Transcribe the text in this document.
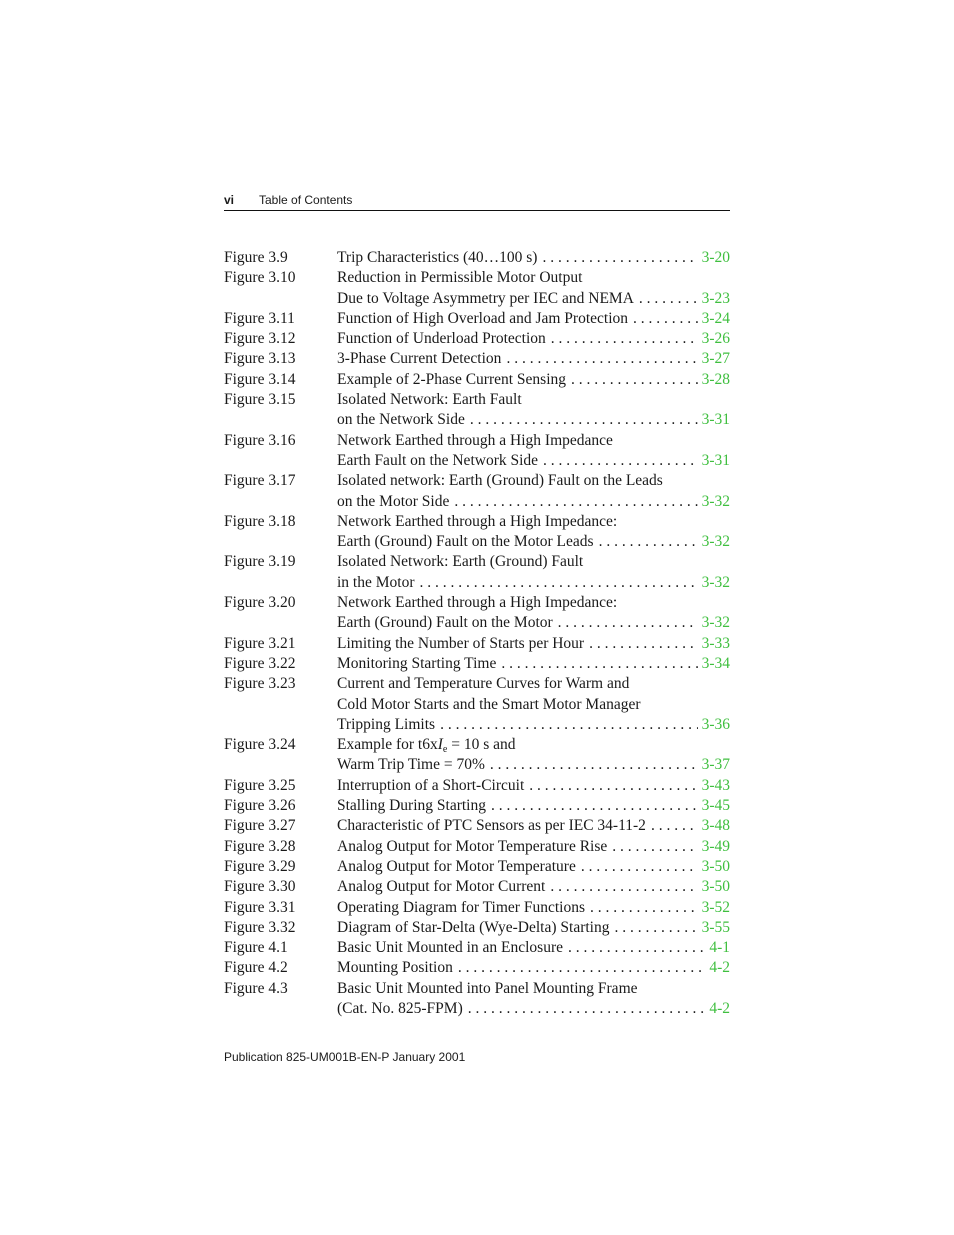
vi Table of Contents
Figure 3.9	Trip Characteristics (40…100 s) . . .	3-20
Figure 3.10	Reduction in Permissible Motor Output
Due to Voltage Asymmetry per IEC and NEMA . . .	3-23
Figure 3.11	Function of High Overload and Jam Protection . . .	3-24
Figure 3.12	Function of Underload Protection . . .	3-26
Figure 3.13	3-Phase Current Detection . . .	3-27
Figure 3.14	Example of 2-Phase Current Sensing . . .	3-28
Figure 3.15	Isolated Network: Earth Fault
on the Network Side . . .	3-31
Figure 3.16	Network Earthed through a High Impedance
Earth Fault on the Network Side . . .	3-31
Figure 3.17	Isolated network: Earth (Ground) Fault on the Leads
on the Motor Side . . .	3-32
Figure 3.18	Network Earthed through a High Impedance:
Earth (Ground) Fault on the Motor Leads . . .	3-32
Figure 3.19	Isolated Network: Earth (Ground) Fault
in the Motor . . .	3-32
Figure 3.20	Network Earthed through a High Impedance:
Earth (Ground) Fault on the Motor . . .	3-32
Figure 3.21	Limiting the Number of Starts per Hour . . .	3-33
Figure 3.22	Monitoring Starting Time . . .	3-34
Figure 3.23	Current and Temperature Curves for Warm and
Cold Motor Starts and the Smart Motor Manager
Tripping Limits . . .	3-36
Figure 3.24	Example for $t6xI_e = 10$ s and
Warm Trip Time = 70% . . .	3-37
Figure 3.25	Interruption of a Short-Circuit . . .	3-43
Figure 3.26	Stalling During Starting . . .	3-45
Figure 3.27	Characteristic of PTC Sensors as per IEC 34-11-2 . . .	3-48
Figure 3.28	Analog Output for Motor Temperature Rise . . .	3-49
Figure 3.29	Analog Output for Motor Temperature . . .	3-50
Figure 3.30	Analog Output for Motor Current . . .	3-50
Figure 3.31	Operating Diagram for Timer Functions . . .	3-52
Figure 3.32	Diagram of Star-Delta (Wye-Delta) Starting . . .	3-55
Figure 4.1	Basic Unit Mounted in an Enclosure . . .	4-1
Figure 4.2	Mounting Position . . .	4-2
Figure 4.3	Basic Unit Mounted into Panel Mounting Frame
(Cat. No. 825-FPM) . . .	4-2
Publication 825-UM001B-EN-P January 2001
